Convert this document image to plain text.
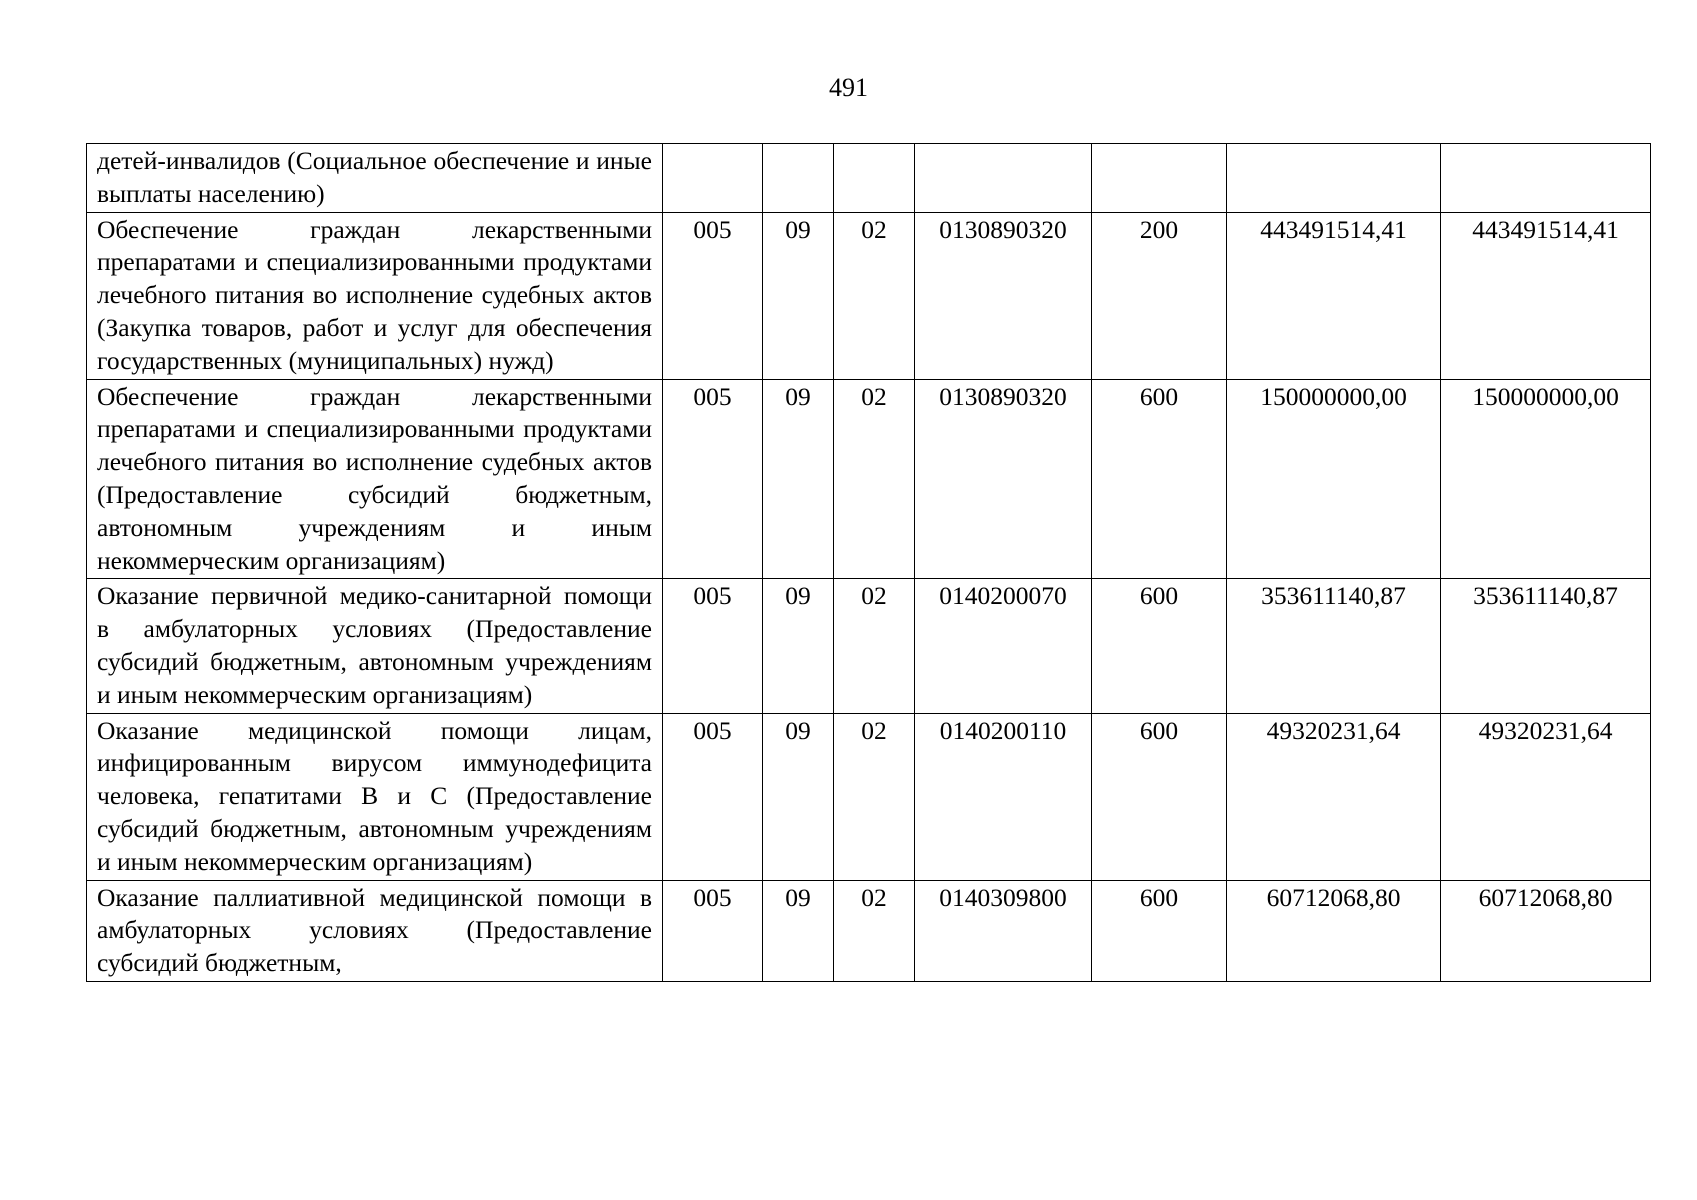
491
детей-инвалидов (Социальное обеспечение и иные выплаты населению)							
Обеспечение граждан лекарственными препаратами и специализированными продуктами лечебного питания во исполнение судебных актов (Закупка товаров, работ и услуг для обеспечения государственных (муниципальных) нужд)	005	09	02	0130890320	200	443491514,41	443491514,41
Обеспечение граждан лекарственными препаратами и специализированными продуктами лечебного питания во исполнение судебных актов (Предоставление субсидий бюджетным, автономным учреждениям и иным некоммерческим организациям)	005	09	02	0130890320	600	150000000,00	150000000,00
Оказание первичной медико-санитарной помощи в амбулаторных условиях (Предоставление субсидий бюджетным, автономным учреждениям и иным некоммерческим организациям)	005	09	02	0140200070	600	353611140,87	353611140,87
Оказание медицинской помощи лицам, инфицированным вирусом иммунодефицита человека, гепатитами В и С (Предоставление субсидий бюджетным, автономным учреждениям и иным некоммерческим организациям)	005	09	02	0140200110	600	49320231,64	49320231,64
Оказание паллиативной медицинской помощи в амбулаторных условиях (Предоставление субсидий бюджетным,	005	09	02	0140309800	600	60712068,80	60712068,80
